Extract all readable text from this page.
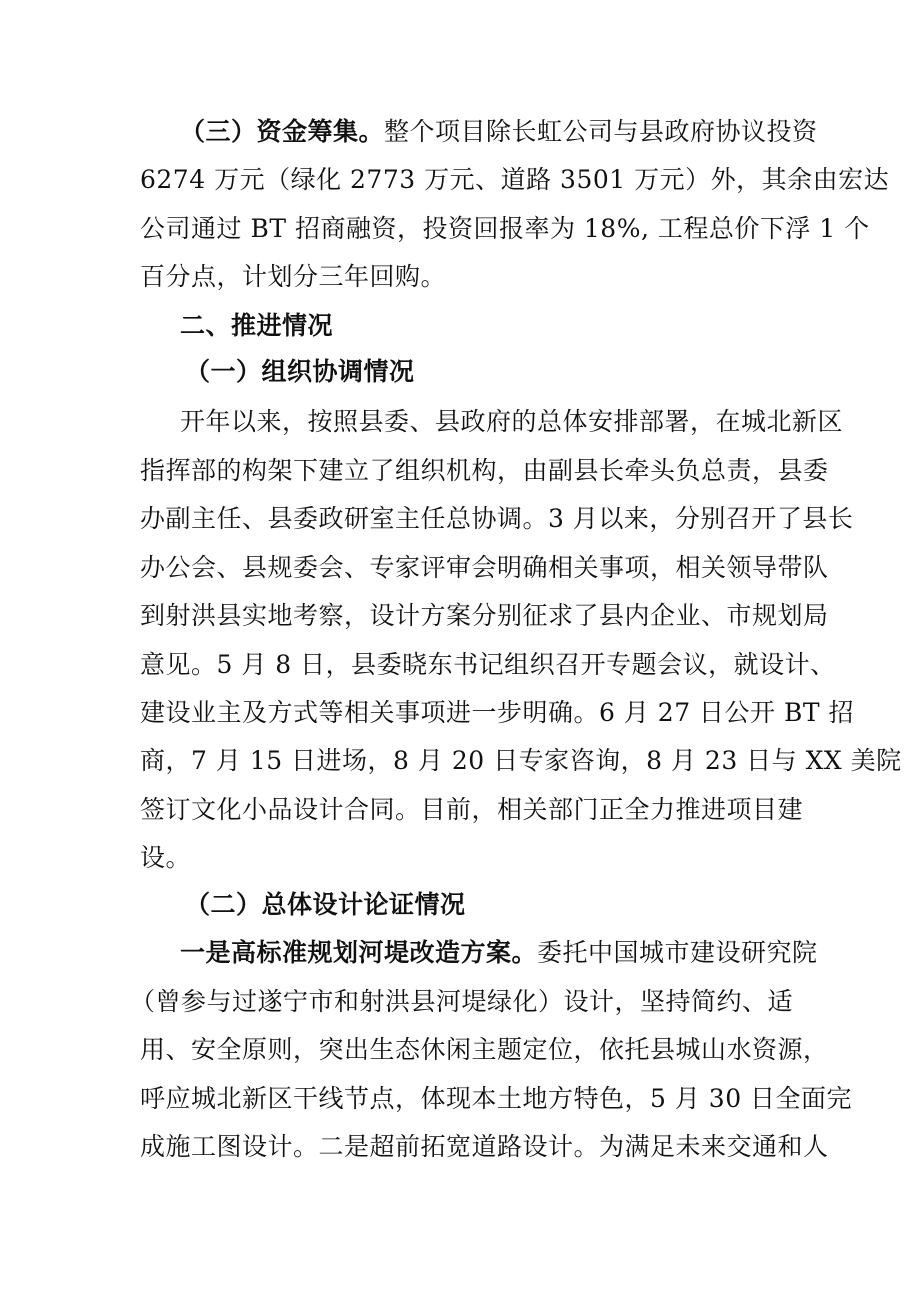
（三）资金筹集。整个项目除长虹公司与县政府协议投资
6274 万元（绿化 2773 万元、道路 3501 万元）外，其余由宏达
公司通过 BT 招商融资，投资回报率为 18%, 工程总价下浮 1 个
百分点，计划分三年回购。
二、推进情况
（一）组织协调情况
开年以来，按照县委、县政府的总体安排部署，在城北新区
指挥部的构架下建立了组织机构，由副县长牵头负总责，县委
办副主任、县委政研室主任总协调。3 月以来，分别召开了县长
办公会、县规委会、专家评审会明确相关事项，相关领导带队
到射洪县实地考察，设计方案分别征求了县内企业、市规划局
意见。5 月 8 日，县委晓东书记组织召开专题会议，就设计、
建设业主及方式等相关事项进一步明确。6 月 27 日公开 BT 招
商，7 月 15 日进场，8 月 20 日专家咨询，8 月 23 日与 XX 美院
签订文化小品设计合同。目前，相关部门正全力推进项目建
设。
（二）总体设计论证情况
一是高标准规划河堤改造方案。委托中国城市建设研究院
（曾参与过遂宁市和射洪县河堤绿化）设计，坚持简约、适
用、安全原则，突出生态休闲主题定位，依托县城山水资源，
呼应城北新区干线节点，体现本土地方特色，5 月 30 日全面完
成施工图设计。二是超前拓宽道路设计。为满足未来交通和人
